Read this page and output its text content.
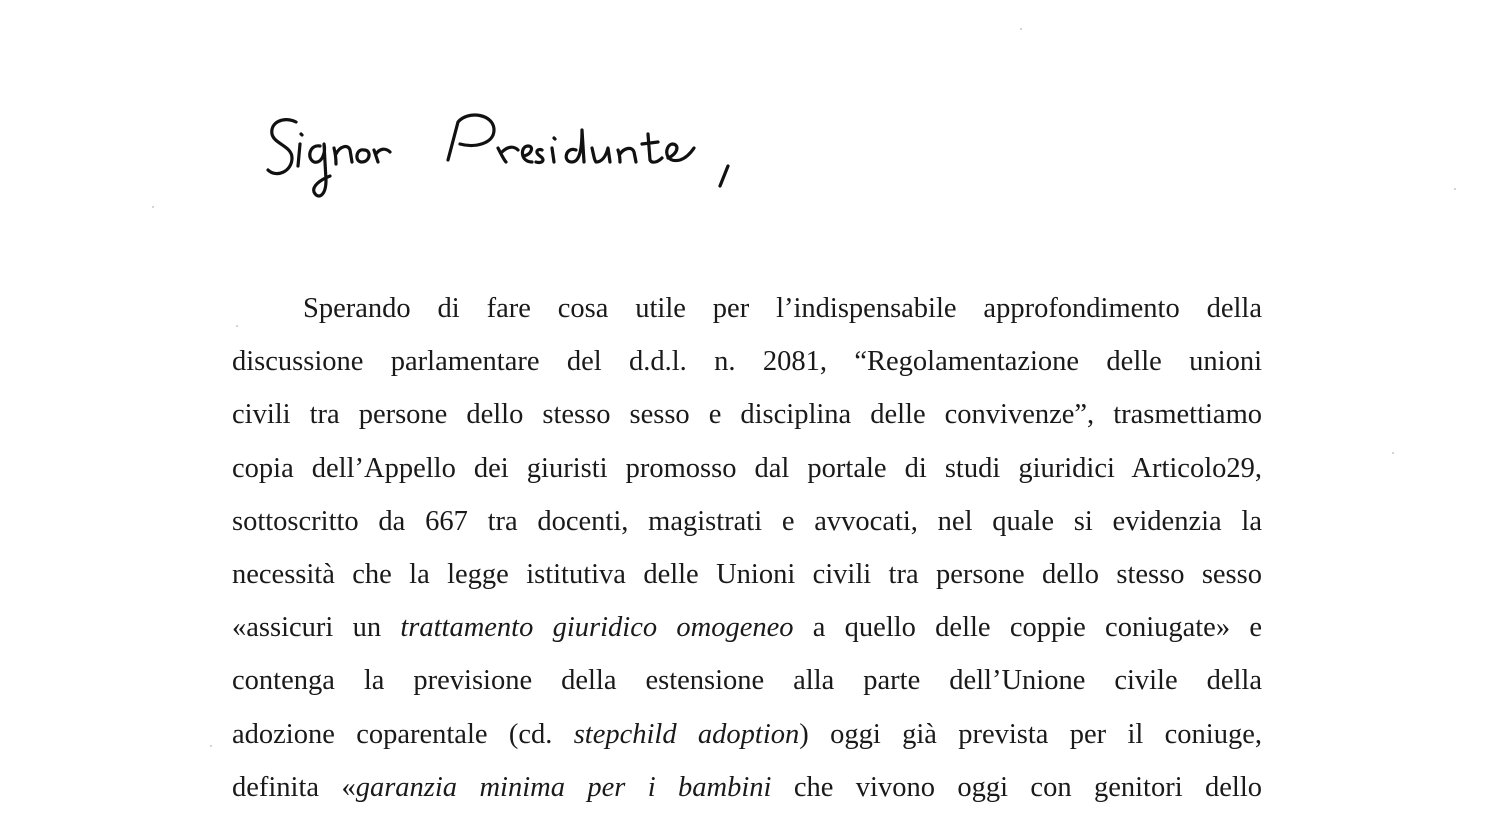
Sperando di fare cosa utile per l’indispensabile approfondimento della
discussione parlamentare del d.d.l. n. 2081, “Regolamentazione delle unioni
civili tra persone dello stesso sesso e disciplina delle convivenze”, trasmettiamo
copia dell’Appello dei giuristi promosso dal portale di studi giuridici Articolo29,
sottoscritto da 667 tra docenti, magistrati e avvocati, nel quale si evidenzia la
necessità che la legge istitutiva delle Unioni civili tra persone dello stesso sesso
«assicuri un trattamento giuridico omogeneo a quello delle coppie coniugate» e
contenga la previsione della estensione alla parte dell’Unione civile della
adozione coparentale (cd. stepchild adoption) oggi già prevista per il coniuge,
definita «garanzia minima per i bambini che vivono oggi con genitori dello
